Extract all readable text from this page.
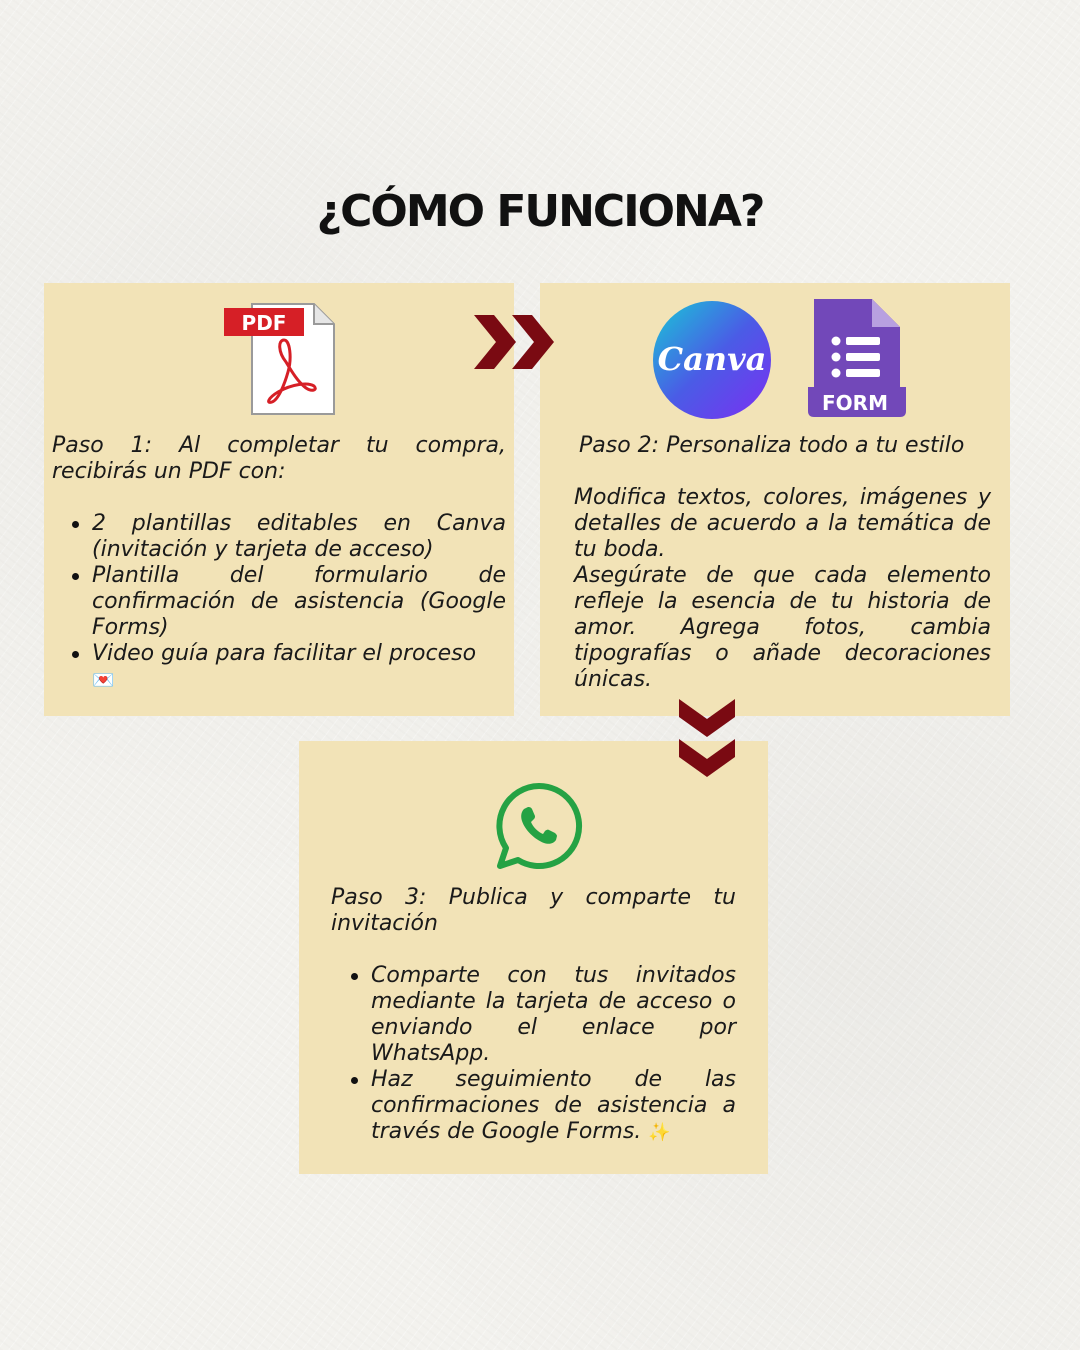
¿CÓMO FUNCIONA?
PDF

Paso 1: Al completar tu compra, recibirás un PDF con:

2 plantillas editables en Canva (invitación y tarjeta de acceso)
Plantilla del formulario de confirmación de asistencia (Google Forms)
Video guía para facilitar el proceso
💌
Canva
FORM
Paso 2: Personaliza todo a tu estilo

Modifica textos, colores, imágenes y detalles de acuerdo a la temática de tu boda.

Asegúrate de que cada elemento refleje la esencia de tu historia de amor. Agrega fotos, cambia tipografías o añade decoraciones únicas.

Paso 3: Publica y comparte tu invitación

Comparte con tus invitados mediante la tarjeta de acceso o enviando el enlace por WhatsApp.
Haz seguimiento de las confirmaciones de asistencia a través de Google Forms. ✨
